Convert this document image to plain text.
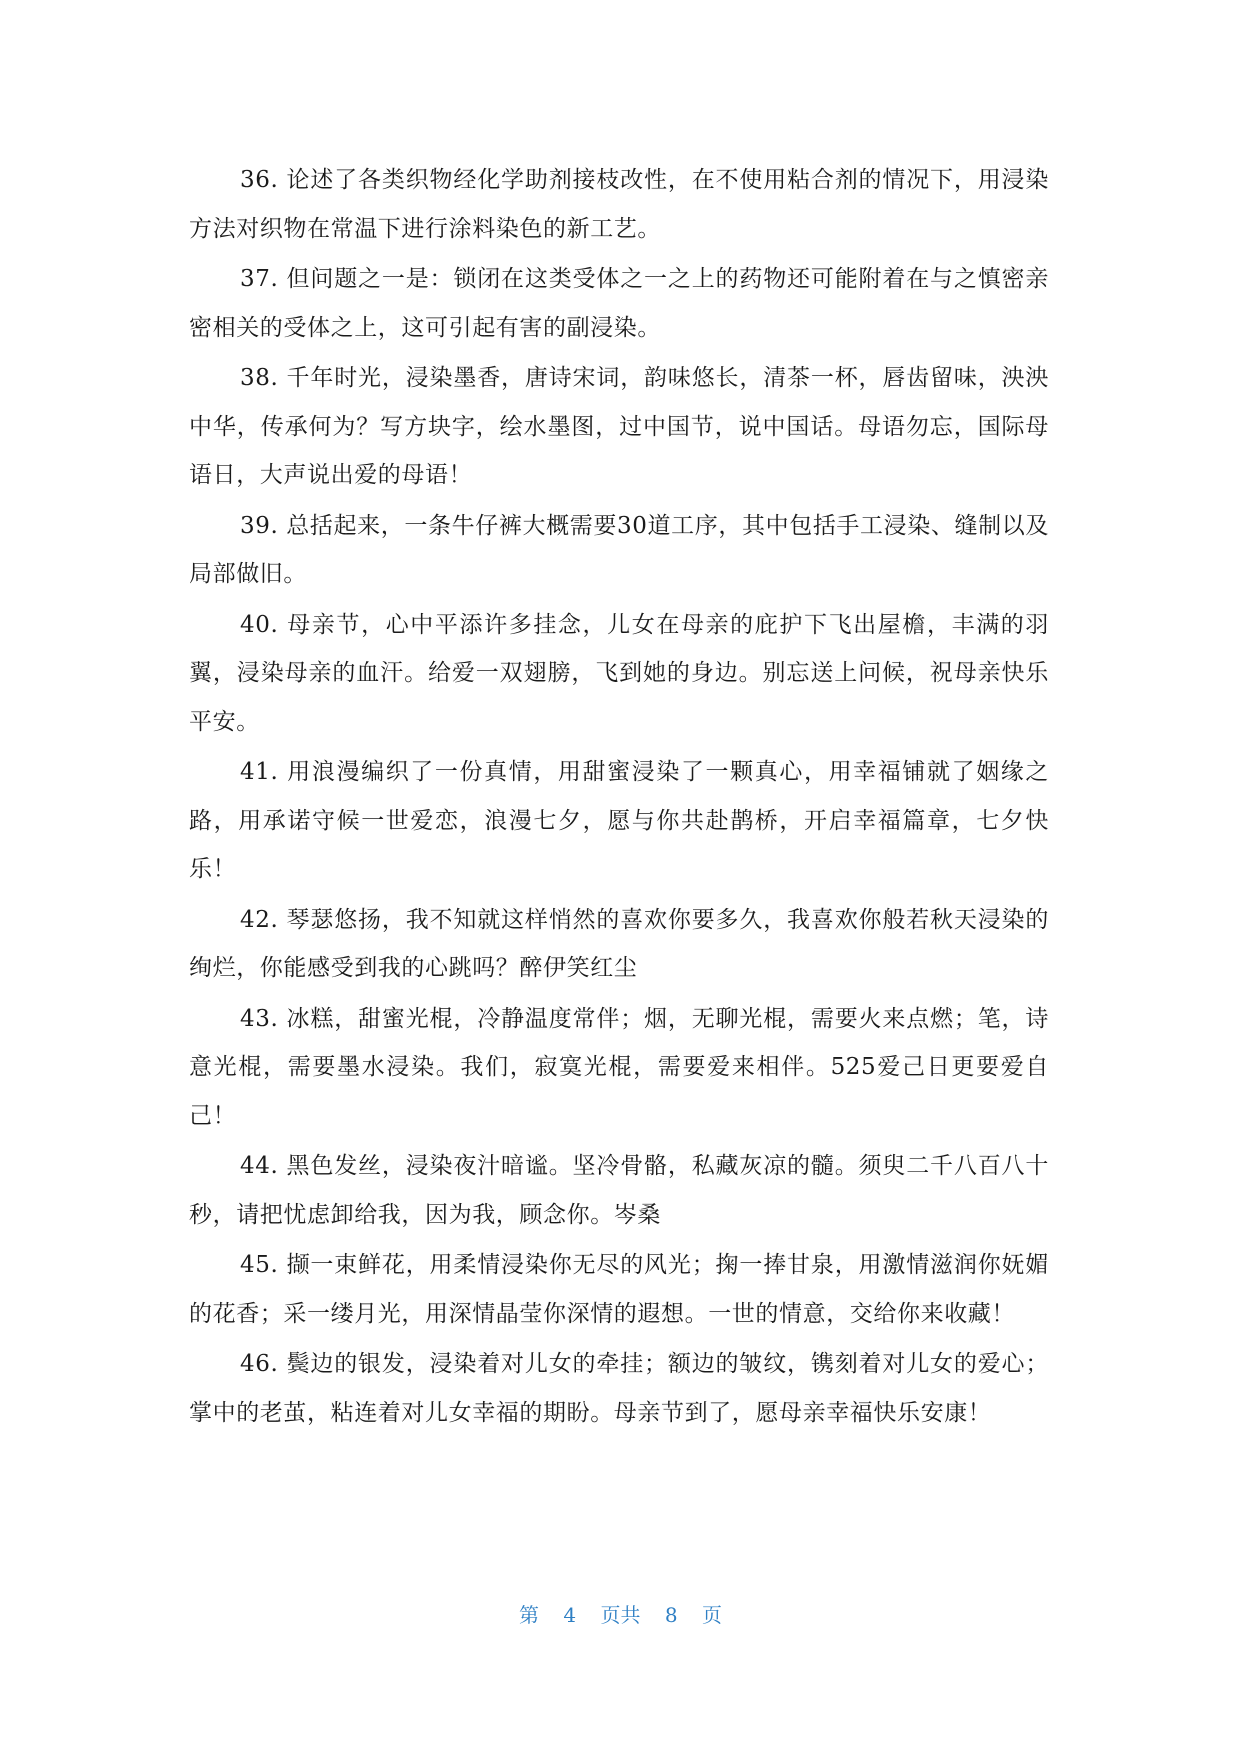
36. 论述了各类织物经化学助剂接枝改性，在不使用粘合剂的情况下，用浸染方法对织物在常温下进行涂料染色的新工艺。

37. 但问题之一是：锁闭在这类受体之一之上的药物还可能附着在与之慎密亲密相关的受体之上，这可引起有害的副浸染。

38. 千年时光，浸染墨香，唐诗宋词，韵味悠长，清茶一杯，唇齿留味，泱泱中华，传承何为？写方块字，绘水墨图，过中国节，说中国话。母语勿忘，国际母语日，大声说出爱的母语！

39. 总括起来，一条牛仔裤大概需要30道工序，其中包括手工浸染、缝制以及局部做旧。

40. 母亲节，心中平添许多挂念，儿女在母亲的庇护下飞出屋檐，丰满的羽翼，浸染母亲的血汗。给爱一双翅膀，飞到她的身边。别忘送上问候，祝母亲快乐平安。

41. 用浪漫编织了一份真情，用甜蜜浸染了一颗真心，用幸福铺就了姻缘之路，用承诺守候一世爱恋，浪漫七夕，愿与你共赴鹊桥，开启幸福篇章，七夕快乐！

42. 琴瑟悠扬，我不知就这样悄然的喜欢你要多久，我喜欢你般若秋天浸染的绚烂，你能感受到我的心跳吗？醉伊笑红尘

43. 冰糕，甜蜜光棍，冷静温度常伴；烟，无聊光棍，需要火来点燃；笔，诗意光棍，需要墨水浸染。我们，寂寞光棍，需要爱来相伴。525爱己日更要爱自己！

44. 黑色发丝，浸染夜汁暗谧。坚冷骨骼，私藏灰凉的髓。须臾二千八百八十秒，请把忧虑卸给我，因为我，顾念你。岑桑

45. 撷一束鲜花，用柔情浸染你无尽的风光；掬一捧甘泉，用激情滋润你妩媚的花香；采一缕月光，用深情晶莹你深情的遐想。一世的情意，交给你来收藏！

46. 鬓边的银发，浸染着对儿女的牵挂；额边的皱纹，镌刻着对儿女的爱心；掌中的老茧，粘连着对儿女幸福的期盼。母亲节到了，愿母亲幸福快乐安康！

第 4 页共 8 页
